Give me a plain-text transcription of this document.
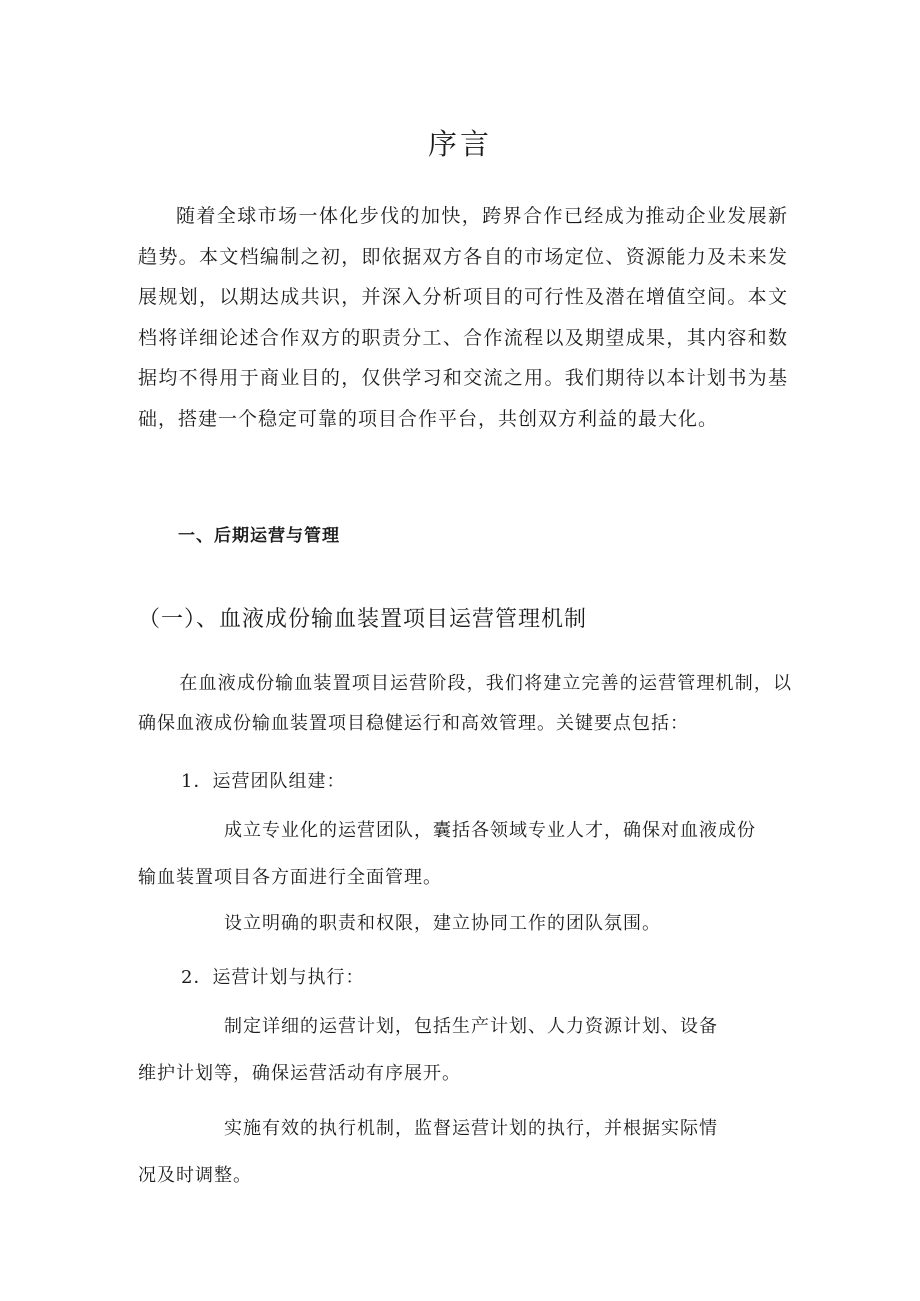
序言

随着全球市场一体化步伐的加快，跨界合作已经成为推动企业发展新趋势。本文档编制之初，即依据双方各自的市场定位、资源能力及未来发展规划，以期达成共识，并深入分析项目的可行性及潜在增值空间。本文档将详细论述合作双方的职责分工、合作流程以及期望成果，其内容和数据均不得用于商业目的，仅供学习和交流之用。我们期待以本计划书为基础，搭建一个稳定可靠的项目合作平台，共创双方利益的最大化。

一、后期运营与管理
（一）、血液成份输血装置项目运营管理机制

在血液成份输血装置项目运营阶段，我们将建立完善的运营管理机制，以确保血液成份输血装置项目稳健运行和高效管理。关键要点包括：

1．运营团队组建：

成立专业化的运营团队，囊括各领域专业人才，确保对血液成份
输血装置项目各方面进行全面管理。
设立明确的职责和权限，建立协同工作的团队氛围。

2．运营计划与执行：

制定详细的运营计划，包括生产计划、人力资源计划、设备
维护计划等，确保运营活动有序展开。
实施有效的执行机制，监督运营计划的执行，并根据实际情
况及时调整。
